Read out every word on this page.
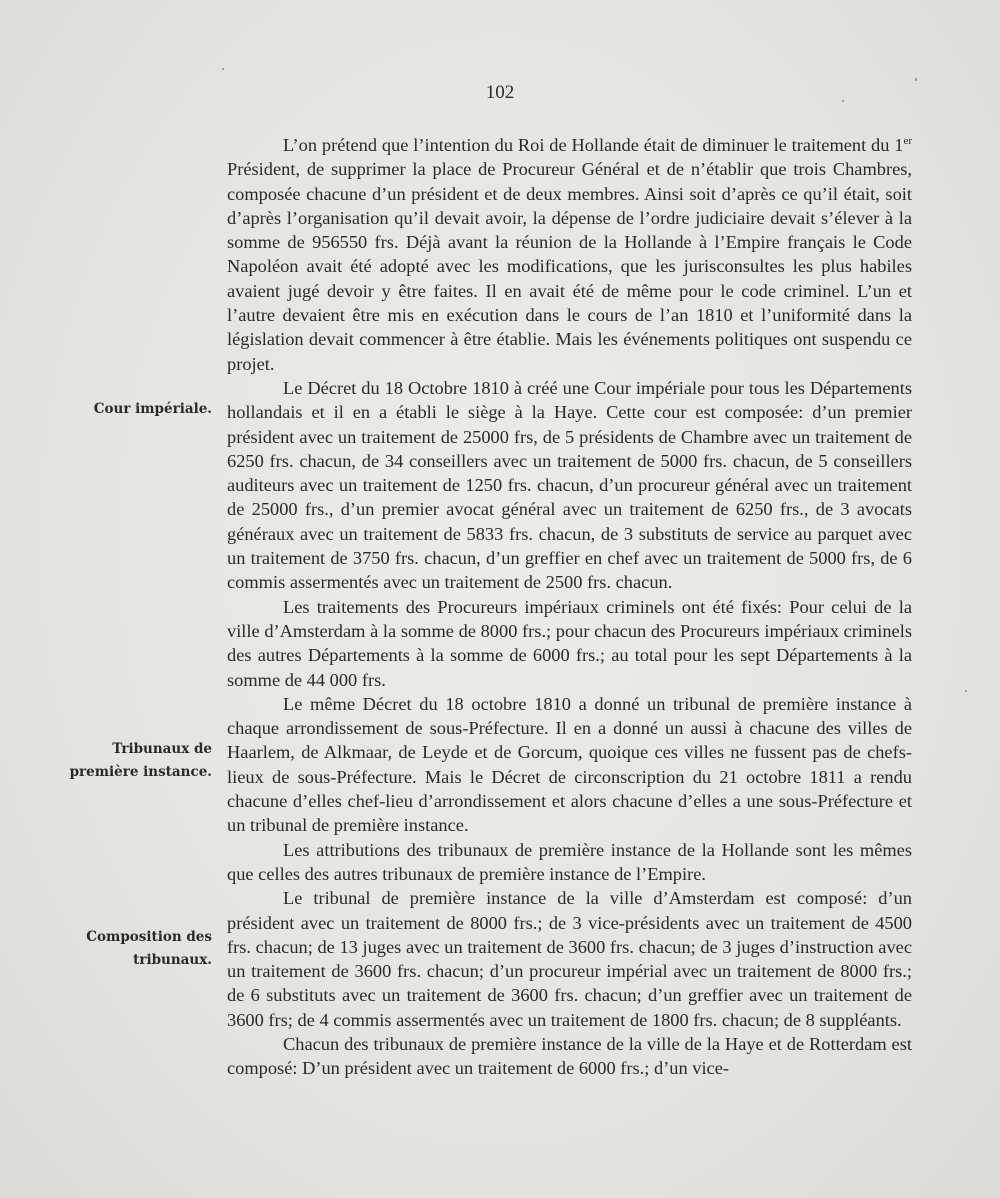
102
Cour impériale.
Tribunaux de
première instance.
Composition des
tribunaux.

L’on prétend que l’intention du Roi de Hollande était de diminuer le traitement du 1er Président, de supprimer la place de Procureur Général et de n’établir que trois Chambres, composée chacune d’un président et de deux membres. Ainsi soit d’après ce qu’il était, soit d’après l’organisation qu’il devait avoir, la dépense de l’ordre judiciaire devait s’élever à la somme de 956550 frs. Déjà avant la réunion de la Hollande à l’Empire français le Code Napoléon avait été adopté avec les modifications, que les jurisconsultes les plus habiles avaient jugé devoir y être faites. Il en avait été de même pour le code criminel. L’un et l’autre devaient être mis en exécution dans le cours de l’an 1810 et l’uniformité dans la législation devait commencer à être établie. Mais les événements politiques ont suspendu ce projet.

Le Décret du 18 Octobre 1810 à créé une Cour impériale pour tous les Départements hollandais et il en a établi le siège à la Haye. Cette cour est composée: d’un premier président avec un traitement de 25000 frs, de 5 présidents de Chambre avec un traitement de 6250 frs. chacun, de 34 conseillers avec un traitement de 5000 frs. chacun, de 5 conseillers auditeurs avec un traitement de 1250 frs. chacun, d’un procureur général avec un traitement de 25000 frs., d’un premier avocat général avec un traitement de 6250 frs., de 3 avocats généraux avec un traitement de 5833 frs. chacun, de 3 substituts de service au parquet avec un traitement de 3750 frs. chacun, d’un greffier en chef avec un traitement de 5000 frs, de 6 commis assermentés avec un traitement de 2500 frs. chacun.

Les traitements des Procureurs impériaux criminels ont été fixés: Pour celui de la ville d’Amsterdam à la somme de 8000 frs.; pour chacun des Procureurs impériaux criminels des autres Départements à la somme de 6000 frs.; au total pour les sept Départements à la somme de 44 000 frs.

Le même Décret du 18 octobre 1810 a donné un tribunal de première instance à chaque arrondissement de sous-Préfecture. Il en a donné un aussi à chacune des villes de Haarlem, de Alkmaar, de Leyde et de Gorcum, quoique ces villes ne fussent pas de chefs-lieux de sous-Préfecture. Mais le Décret de circonscription du 21 octobre 1811 a rendu chacune d’elles chef-lieu d’arrondissement et alors chacune d’elles a une sous-Préfecture et un tribunal de première instance.

Les attributions des tribunaux de première instance de la Hollande sont les mêmes que celles des autres tribunaux de première instance de l’Empire.

Le tribunal de première instance de la ville d’Amsterdam est composé: d’un président avec un traitement de 8000 frs.; de 3 vice-présidents avec un traitement de 4500 frs. chacun; de 13 juges avec un traitement de 3600 frs. chacun; de 3 juges d’instruction avec un traitement de 3600 frs. chacun; d’un procureur impérial avec un traitement de 8000 frs.; de 6 substituts avec un traitement de 3600 frs. chacun; d’un greffier avec un traitement de 3600 frs; de 4 commis assermentés avec un traitement de 1800 frs. chacun; de 8 suppléants.

Chacun des tribunaux de première instance de la ville de la Haye et de Rotterdam est composé: D’un président avec un traitement de 6000 frs.; d’un vice-
